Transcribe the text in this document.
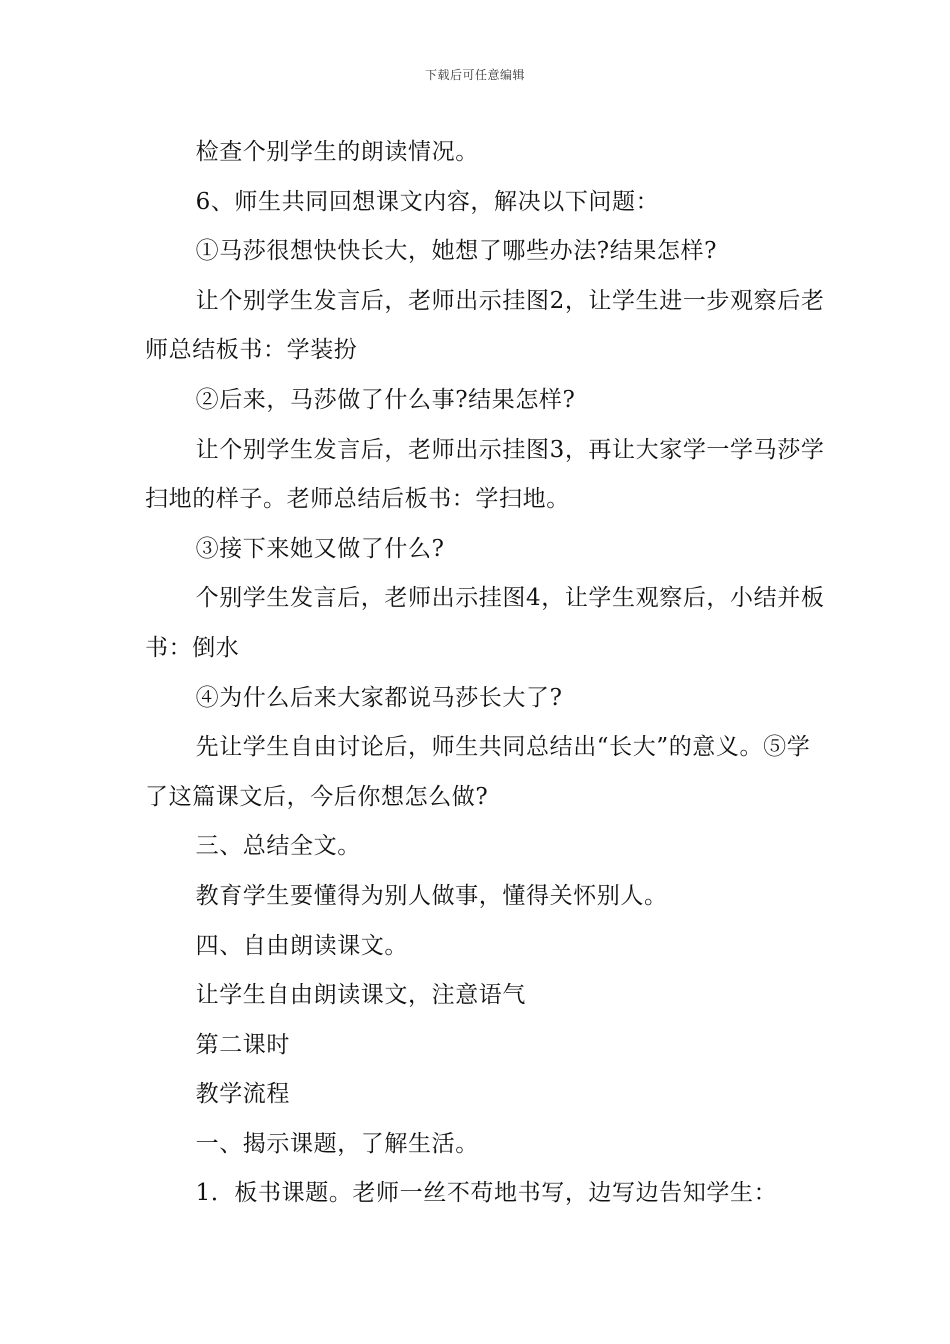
下载后可任意编辑

检查个别学生的朗读情况。

6、师生共同回想课文内容，解决以下问题：

①马莎很想快快长大，她想了哪些办法?结果怎样?

让个别学生发言后，老师出示挂图2，让学生进一步观察后老师总结板书：学装扮

②后来，马莎做了什么事?结果怎样?

让个别学生发言后，老师出示挂图3，再让大家学一学马莎学扫地的样子。老师总结后板书：学扫地。

③接下来她又做了什么?

个别学生发言后，老师出示挂图4，让学生观察后，小结并板书：倒水

④为什么后来大家都说马莎长大了?

先让学生自由讨论后，师生共同总结出“长大”的意义。⑤学了这篇课文后，今后你想怎么做?

三、总结全文。

教育学生要懂得为别人做事，懂得关怀别人。

四、自由朗读课文。

让学生自由朗读课文，注意语气

第二课时

教学流程

一、揭示课题，了解生活。

1．板书课题。老师一丝不苟地书写，边写边告知学生：
